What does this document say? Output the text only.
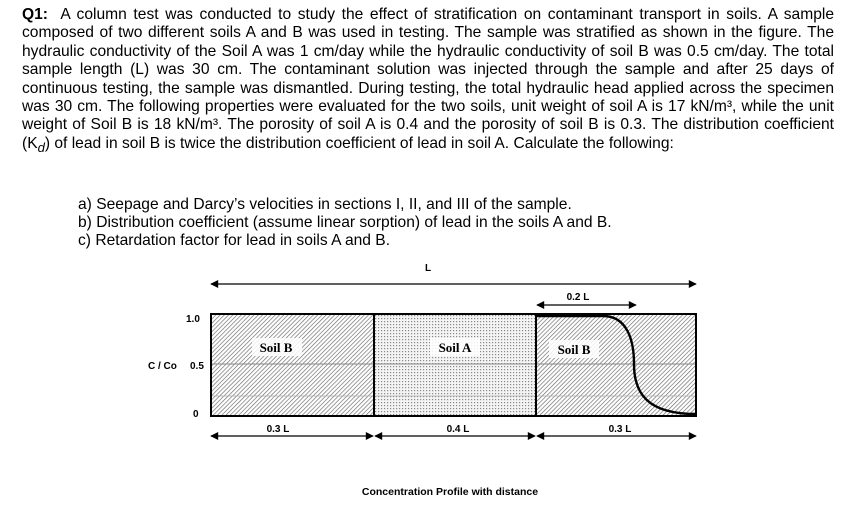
Q1: A column test was conducted to study the effect of stratification on contaminant transport in soils. A sample composed of two different soils A and B was used in testing. The sample was stratified as shown in the figure. The hydraulic conductivity of the Soil A was 1 cm/day while the hydraulic conductivity of soil B was 0.5 cm/day. The total sample length (L) was 30 cm. The contaminant solution was injected through the sample and after 25 days of continuous testing, the sample was dismantled. During testing, the total hydraulic head applied across the specimen was 30 cm. The following properties were evaluated for the two soils, unit weight of soil A is 17 kN/m³, while the unit weight of Soil B is 18 kN/m³. The porosity of soil A is 0.4 and the porosity of soil B is 0.3. The distribution coefficient $(K_d)$ of lead in soil B is twice the distribution coefficient of lead in soil A. Calculate the following:
a) Seepage and Darcy’s velocities in sections I, II, and III of the sample.
b) Distribution coefficient (assume linear sorption) of lead in the soils A and B.
c) Retardation factor for lead in soils A and B.
L
0.2 L
Soil B	Soil A	Soil B
C / Co
1.0
0.5
0
0.3 L	0.4 L	0.3 L
Concentration Profile with distance
